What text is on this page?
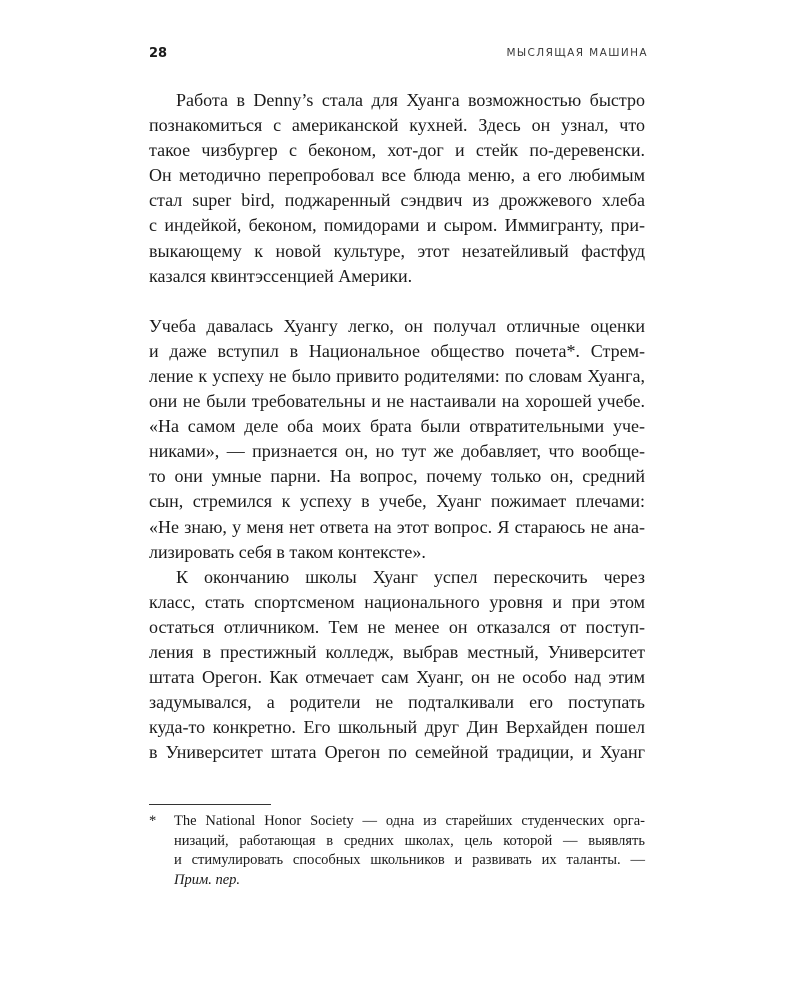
28	МЫСЛЯЩАЯ МАШИНА

Работа в Denny’s стала для Хуанга возможностью быстро

познакомиться с американской кухней. Здесь он узнал, что

такое чизбургер с беконом, хот-дог и стейк по-деревенски.

Он методично перепробовал все блюда меню, а его любимым

стал super bird, поджаренный сэндвич из дрожжевого хлеба

с индейкой, беконом, помидорами и сыром. Иммигранту, при-

выкающему к новой культуре, этот незатейливый фастфуд

казался квинтэссенцией Америки.

Учеба давалась Хуангу легко, он получал отличные оценки

и даже вступил в Национальное общество почета*. Стрем-

ление к успеху не было привито родителями: по словам Хуанга,

они не были требовательны и не настаивали на хорошей учебе.

«На самом деле оба моих брата были отвратительными уче-

никами», — признается он, но тут же добавляет, что вообще-

то они умные парни. На вопрос, почему только он, средний

сын, стремился к успеху в учебе, Хуанг пожимает плечами:

«Не знаю, у меня нет ответа на этот вопрос. Я стараюсь не ана-

лизировать себя в таком контексте».

К окончанию школы Хуанг успел перескочить через

класс, стать спортсменом национального уровня и при этом

остаться отличником. Тем не менее он отказался от поступ-

ления в престижный колледж, выбрав местный, Университет

штата Орегон. Как отмечает сам Хуанг, он не особо над этим

задумывался, а родители не подталкивали его поступать

куда-то конкретно. Его школьный друг Дин Верхайден пошел

в Университет штата Орегон по семейной традиции, и Хуанг

* The National Honor Society — одна из старейших студенческих орга-
низаций, работающая в средних школах, цель которой — выявлять
и стимулировать способных школьников и развивать их таланты. —
Прим. пер.
